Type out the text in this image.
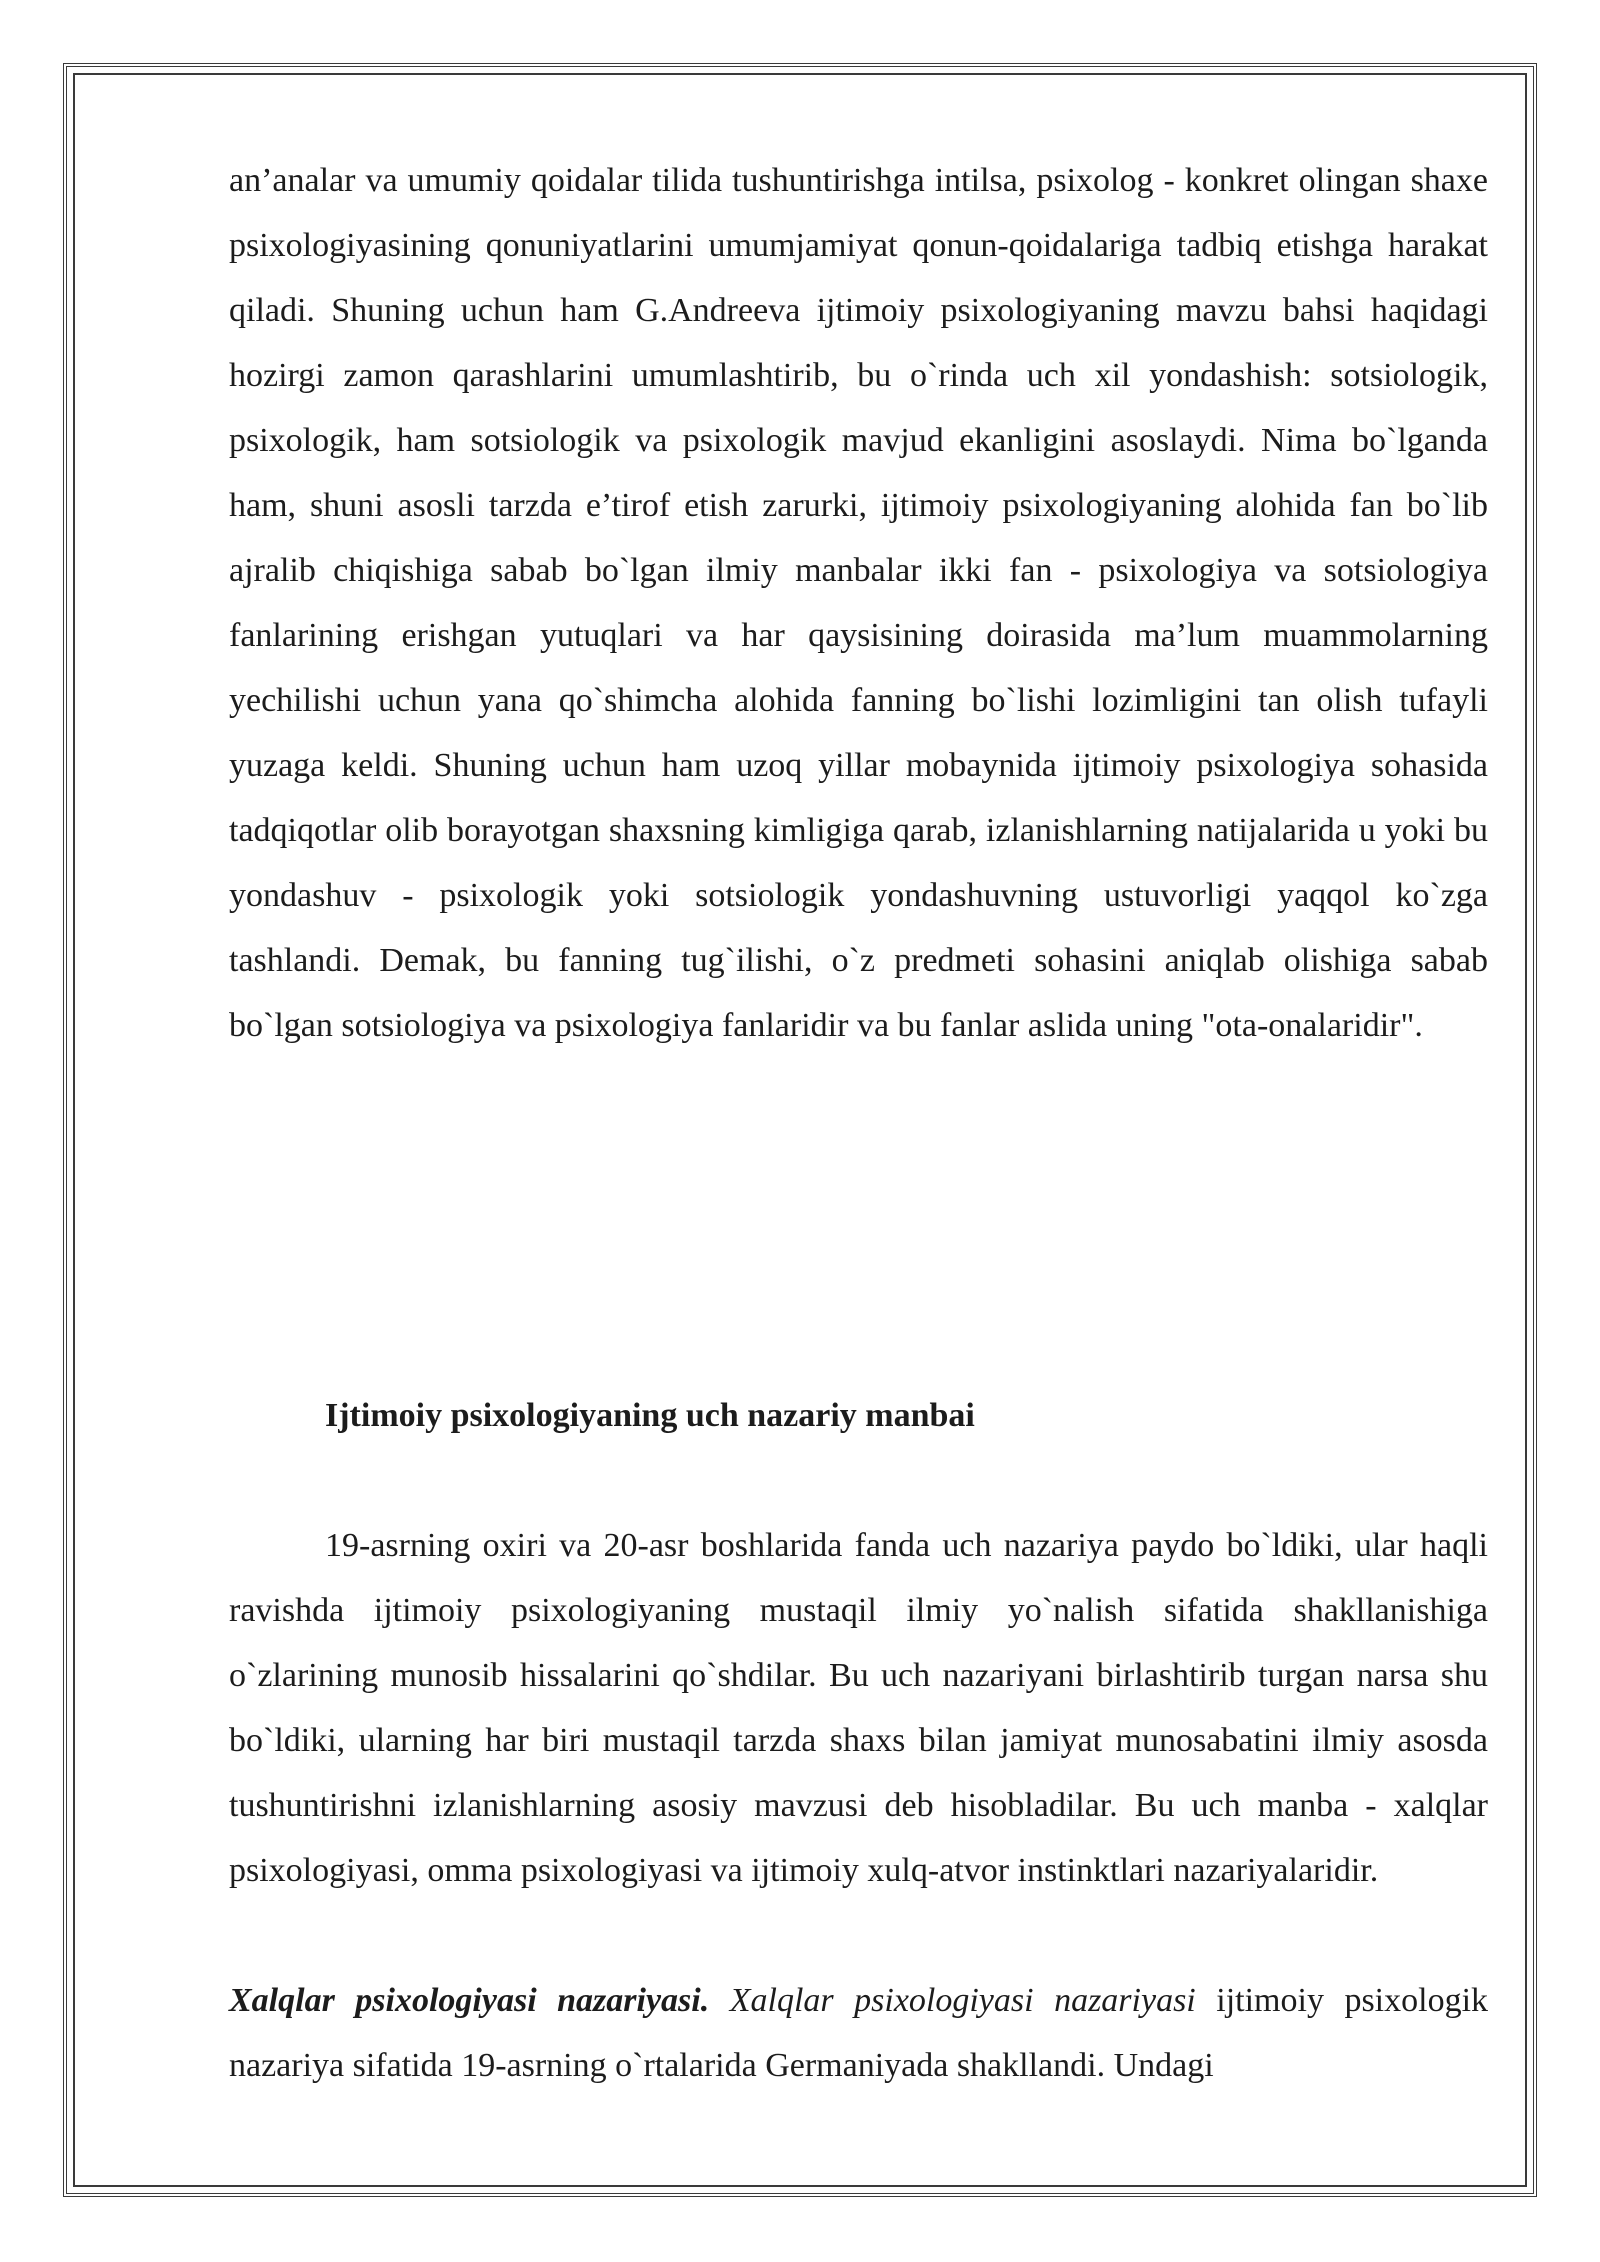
an’analar va umumiy qoidalar tilida tushuntirishga intilsa, psixolog - konkret olingan shaxe psixologiyasining qonuniyatlarini umumjamiyat qonun-qoidalariga tadbiq etishga harakat qiladi. Shuning uchun ham G.Andreeva ijtimoiy psixologiyaning mavzu bahsi haqidagi hozirgi zamon qarashlarini umumlashtirib, bu o`rinda uch xil yondashish: sotsiologik, psixologik, ham sotsiologik va psixologik mavjud ekanligini asoslaydi. Nima bo`lganda ham, shuni asosli tarzda e’tirof etish zarurki, ijtimoiy psixologiyaning alohida fan bo`lib ajralib chiqishiga sabab bo`lgan ilmiy manbalar ikki fan - psixologiya va sotsiologiya fanlarining erishgan yutuqlari va har qaysisining doirasida ma’lum muammolarning yechilishi uchun yana qo`shimcha alohida fanning bo`lishi lozimligini tan olish tufayli yuzaga keldi. Shuning uchun ham uzoq yillar mobaynida ijtimoiy psixologiya sohasida tadqiqotlar olib borayotgan shaxsning kimligiga qarab, izlanishlarning natijalarida u yoki bu yondashuv - psixologik yoki sotsiologik yondashuvning ustuvorligi yaqqol ko`zga tashlandi. Demak, bu fanning tug`ilishi, o`z predmeti sohasini aniqlab olishiga sabab bo`lgan sotsiologiya va psixologiya fanlaridir va bu fanlar aslida uning "ota-onalaridir".

Ijtimoiy psixologiyaning uch nazariy manbai

19-asrning oxiri va 20-asr boshlarida fanda uch nazariya paydo bo`ldiki, ular haqli ravishda ijtimoiy psixologiyaning mustaqil ilmiy yo`nalish sifatida shakllanishiga o`zlarining munosib hissalarini qo`shdilar. Bu uch nazariyani birlashtirib turgan narsa shu bo`ldiki, ularning har biri mustaqil tarzda shaxs bilan jamiyat munosabatini ilmiy asosda tushuntirishni izlanishlarning asosiy mavzusi deb hisobladilar. Bu uch manba - xalqlar psixologiyasi, omma psixologiyasi va ijtimoiy xulq-atvor instinktlari nazariyalaridir.

Xalqlar psixologiyasi nazariyasi. Xalqlar psixologiyasi nazariyasi ijtimoiy psixologik nazariya sifatida 19-asrning o`rtalarida Germaniyada shakllandi. Undagi
